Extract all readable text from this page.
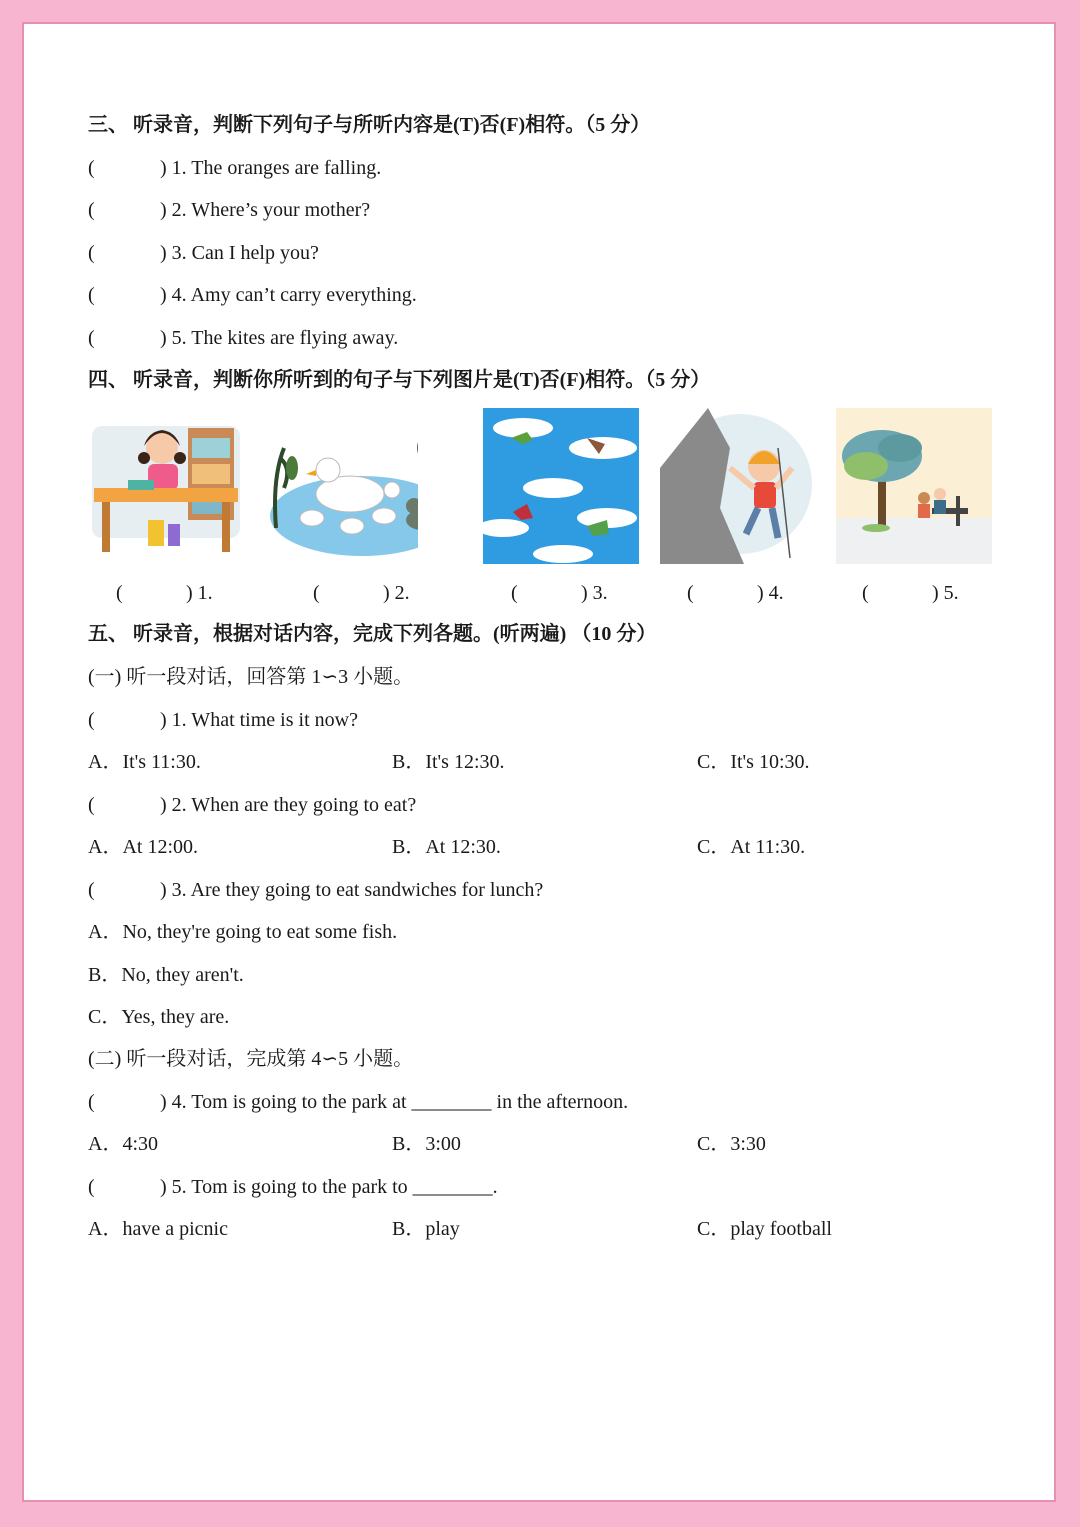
三、 听录音，判断下列句子与所听内容是(T)否(F)相符。（5 分）
(	) 1. The oranges are falling.
(	) 2. Where’s your mother?
(	) 3. Can I help you?
(	) 4. Amy can’t carry everything.
(	) 5. The kites are flying away.
四、 听录音，判断你所听到的句子与下列图片是(T)否(F)相符。（5 分）
(	) 1.	(	) 2.	(	) 3.	(	) 4.	(	) 5.
五、 听录音，根据对话内容，完成下列各题。(听两遍) （10 分）
(一) 听一段对话，回答第 1∽3 小题。
(	) 1. What time is it now?
A．It's 11:30.	B．It's 12:30.	C．It's 10:30.
(	) 2. When are they going to eat?
A．At 12:00.	B．At 12:30.	C．At 11:30.
(	) 3. Are they going to eat sandwiches for lunch?
A．No, they're going to eat some fish.
B．No, they aren't.
C．Yes, they are.
(二) 听一段对话，完成第 4∽5 小题。
(	) 4. Tom is going to the park at ________ in the afternoon.
A．4:30	B．3:00	C．3:30
(	) 5. Tom is going to the park to ________.
A．have a picnic	B．play	C．play football
